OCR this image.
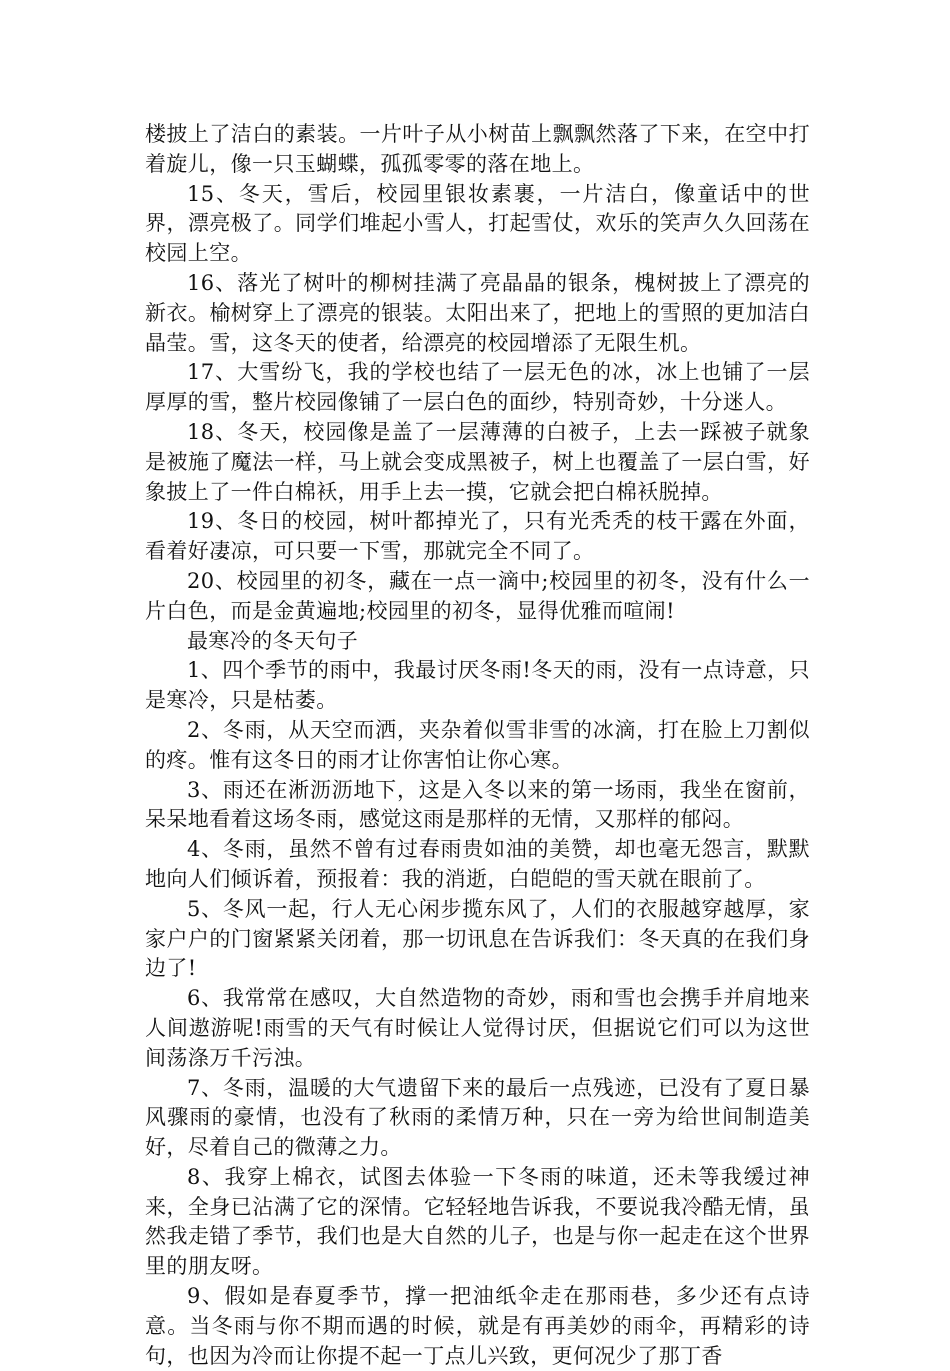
楼披上了洁白的素装。一片叶子从小树苗上飘飘然落了下来，在空中打着旋儿，像一只玉蝴蝶，孤孤零零的落在地上。

15、冬天，雪后，校园里银妆素裹，一片洁白，像童话中的世界，漂亮极了。同学们堆起小雪人，打起雪仗，欢乐的笑声久久回荡在校园上空。

16、落光了树叶的柳树挂满了亮晶晶的银条，槐树披上了漂亮的新衣。榆树穿上了漂亮的银装。太阳出来了，把地上的雪照的更加洁白晶莹。雪，这冬天的使者，给漂亮的校园增添了无限生机。

17、大雪纷飞，我的学校也结了一层无色的冰，冰上也铺了一层厚厚的雪，整片校园像铺了一层白色的面纱，特别奇妙，十分迷人。

18、冬天，校园像是盖了一层薄薄的白被子，上去一踩被子就象是被施了魔法一样，马上就会变成黑被子，树上也覆盖了一层白雪，好象披上了一件白棉袄，用手上去一摸，它就会把白棉袄脱掉。

19、冬日的校园，树叶都掉光了，只有光秃秃的枝干露在外面，看着好凄凉，可只要一下雪，那就完全不同了。

20、校园里的初冬，藏在一点一滴中;校园里的初冬，没有什么一片白色，而是金黄遍地;校园里的初冬，显得优雅而喧闹!

最寒冷的冬天句子

1、四个季节的雨中，我最讨厌冬雨!冬天的雨，没有一点诗意，只是寒冷，只是枯萎。

2、冬雨，从天空而洒，夹杂着似雪非雪的冰滴，打在脸上刀割似的疼。惟有这冬日的雨才让你害怕让你心寒。

3、雨还在淅沥沥地下，这是入冬以来的第一场雨，我坐在窗前，呆呆地看着这场冬雨，感觉这雨是那样的无情，又那样的郁闷。

4、冬雨，虽然不曾有过春雨贵如油的美赞，却也毫无怨言，默默地向人们倾诉着，预报着：我的消逝，白皑皑的雪天就在眼前了。

5、冬风一起，行人无心闲步揽东风了，人们的衣服越穿越厚，家家户户的门窗紧紧关闭着，那一切讯息在告诉我们：冬天真的在我们身边了!

6、我常常在感叹，大自然造物的奇妙，雨和雪也会携手并肩地来人间遨游呢!雨雪的天气有时候让人觉得讨厌，但据说它们可以为这世间荡涤万千污浊。

7、冬雨，温暖的大气遗留下来的最后一点残迹，已没有了夏日暴风骤雨的豪情，也没有了秋雨的柔情万种，只在一旁为给世间制造美好，尽着自己的微薄之力。

8、我穿上棉衣，试图去体验一下冬雨的味道，还未等我缓过神来，全身已沾满了它的深情。它轻轻地告诉我，不要说我冷酷无情，虽然我走错了季节，我们也是大自然的儿子，也是与你一起走在这个世界里的朋友呀。

9、假如是春夏季节，撑一把油纸伞走在那雨巷，多少还有点诗意。当冬雨与你不期而遇的时候，就是有再美妙的雨伞，再精彩的诗句，也因为冷而让你提不起一丁点儿兴致，更何况少了那丁香
